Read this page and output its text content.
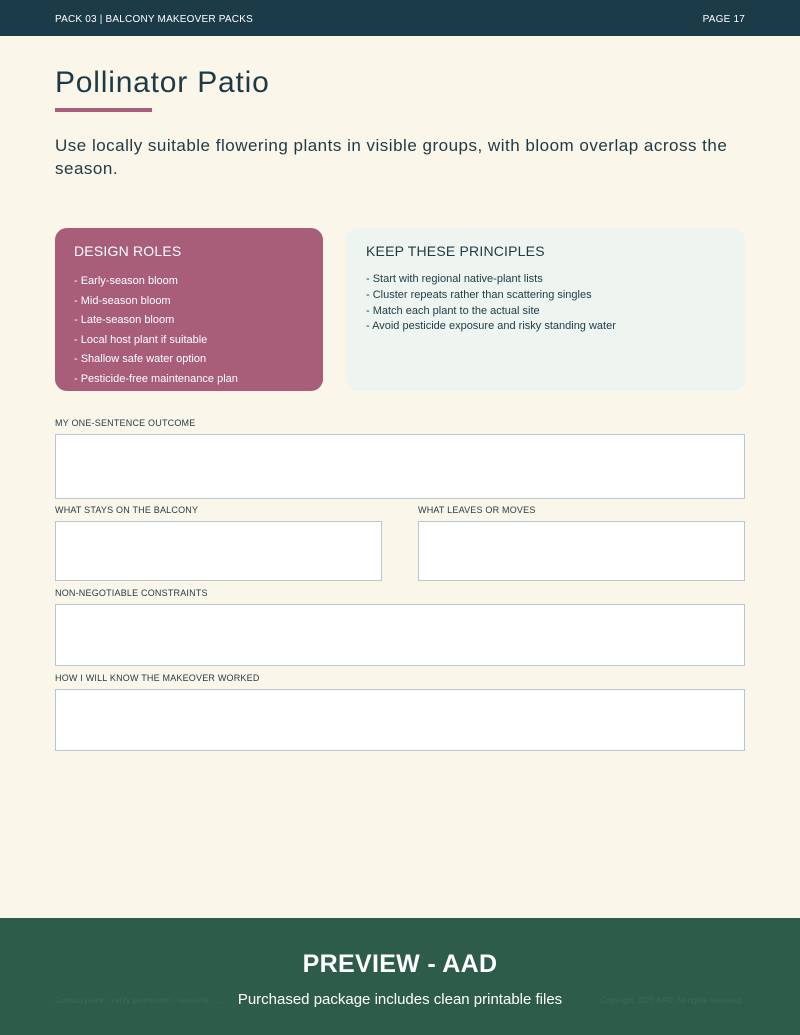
PACK 03 | BALCONY MAKEOVER PACKS	PAGE 17
Pollinator Patio

Use locally suitable flowering plants in visible groups, with bloom overlap across the season.

DESIGN ROLES
- Early-season bloom
- Mid-season bloom
- Late-season bloom
- Local host plant if suitable
- Shallow safe water option
- Pesticide-free maintenance plan
KEEP THESE PRINCIPLES
- Start with regional native-plant lists
- Cluster repeats rather than scattering singles
- Match each plant to the actual site
- Avoid pesticide exposure and risky standing water

MY ONE-SENTENCE OUTCOME

WHAT STAYS ON THE BALCONY	WHAT LEAVES OR MOVES

NON-NEGOTIABLE CONSTRAINTS

HOW I WILL KNOW THE MAKEOVER WORKED

Contact place · verify permission · reuse-ok · ...	Copyright 2025 AAD. All rights reserved.
PREVIEW - AAD
Purchased package includes clean printable files
